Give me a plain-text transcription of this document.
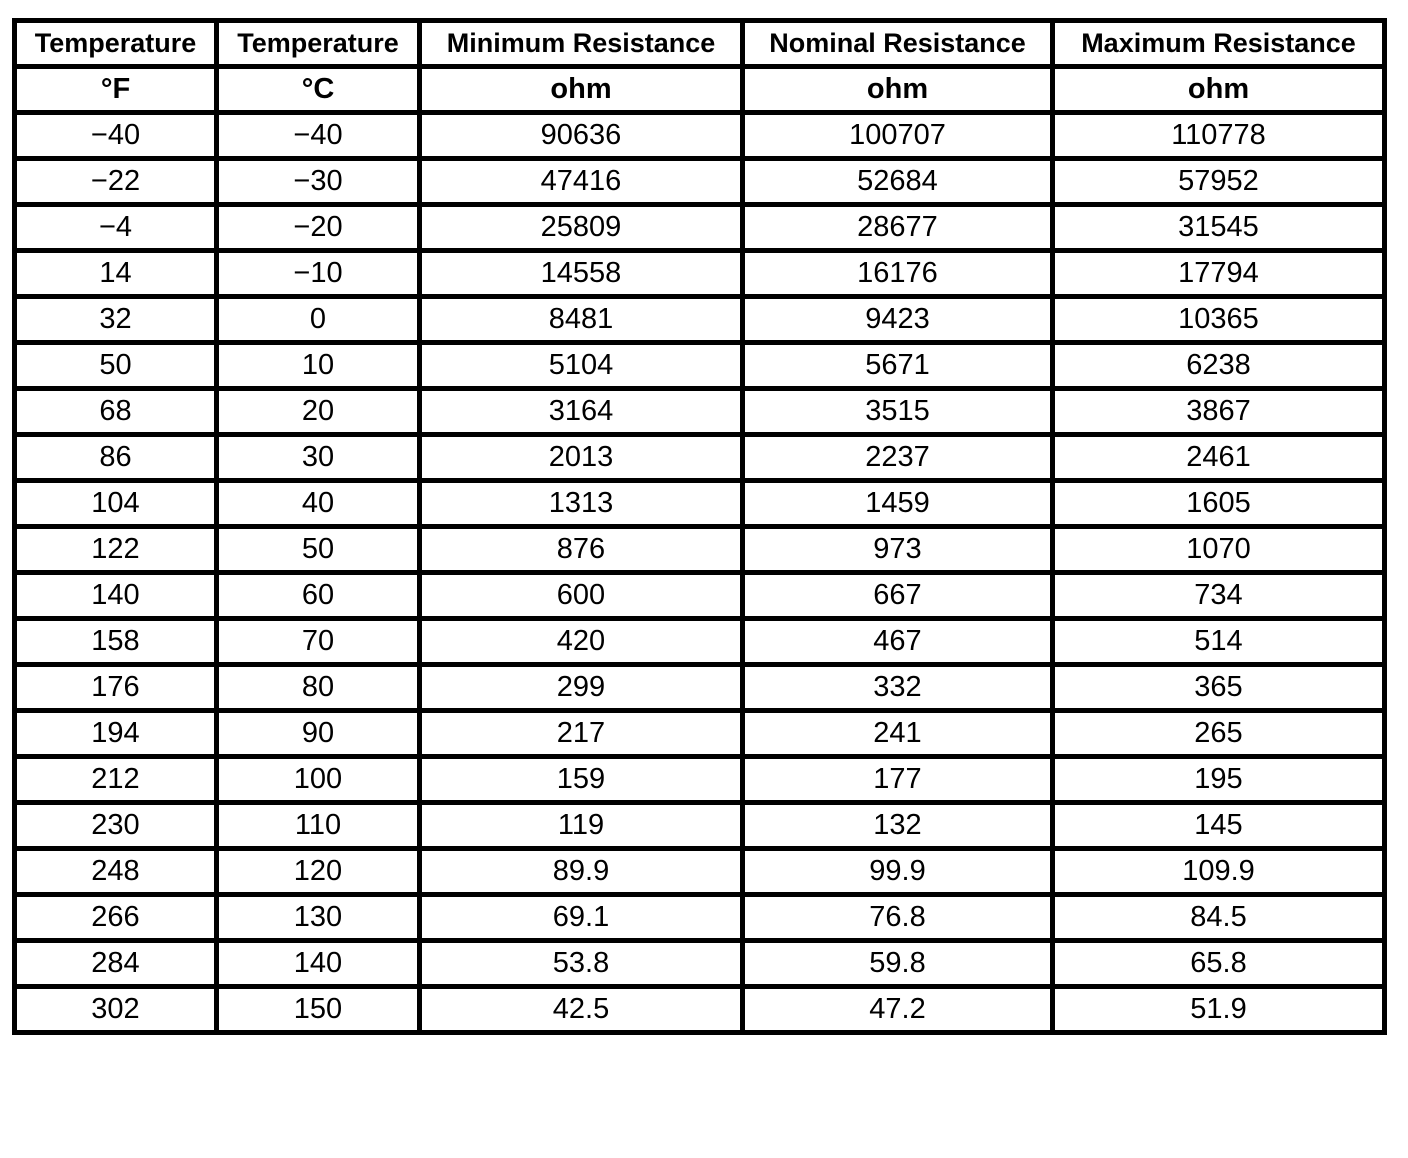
Temperature	Temperature	Minimum Resistance	Nominal Resistance	Maximum Resistance
°F	°C	ohm	ohm	ohm
−40	−40	90636	100707	110778
−22	−30	47416	52684	57952
−4	−20	25809	28677	31545
14	−10	14558	16176	17794
32	0	8481	9423	10365
50	10	5104	5671	6238
68	20	3164	3515	3867
86	30	2013	2237	2461
104	40	1313	1459	1605
122	50	876	973	1070
140	60	600	667	734
158	70	420	467	514
176	80	299	332	365
194	90	217	241	265
212	100	159	177	195
230	110	119	132	145
248	120	89.9	99.9	109.9
266	130	69.1	76.8	84.5
284	140	53.8	59.8	65.8
302	150	42.5	47.2	51.9
